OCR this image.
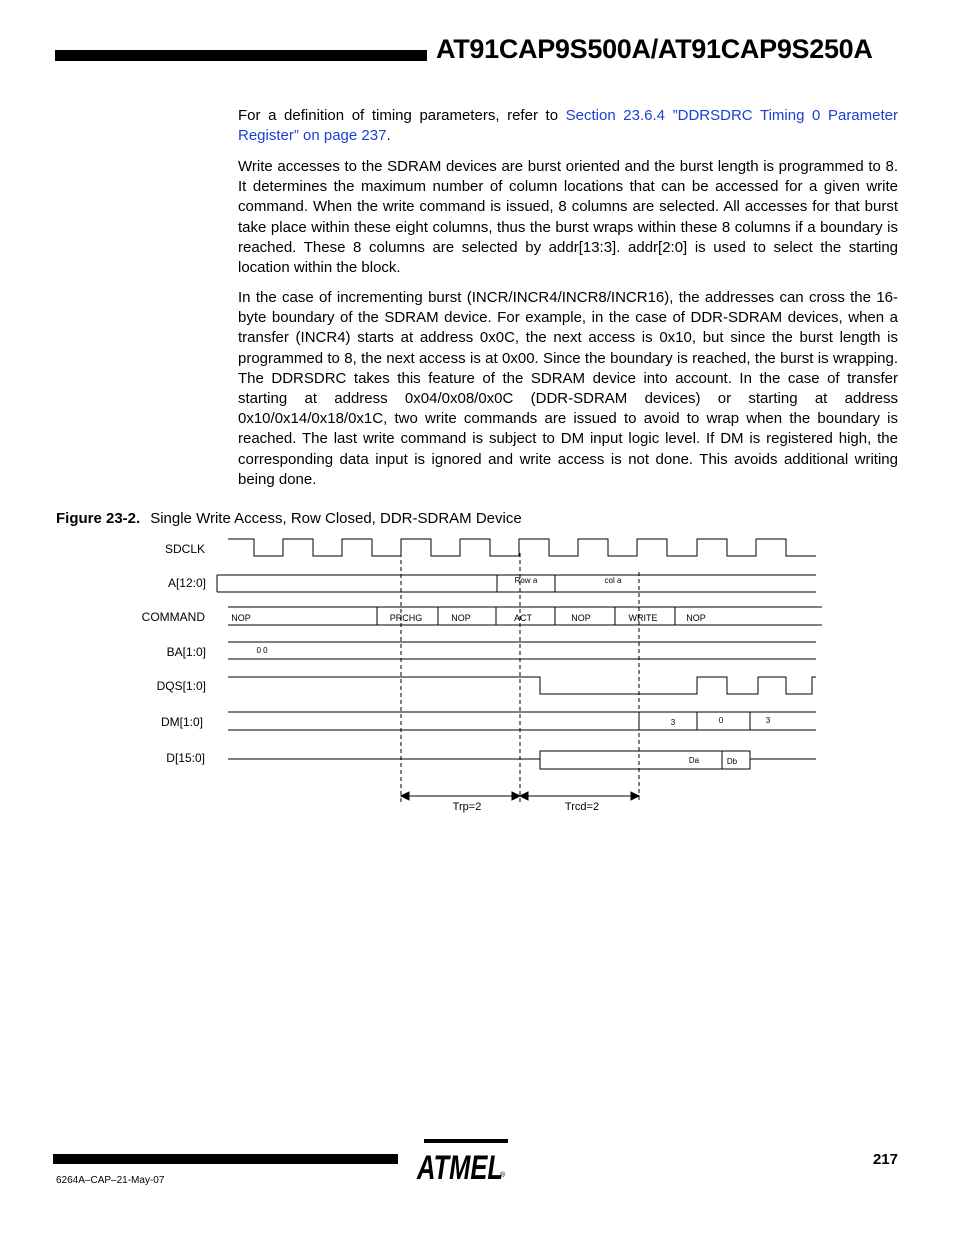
AT91CAP9S500A/AT91CAP9S250A

For a definition of timing parameters, refer to Section 23.6.4 ”DDRSDRC Timing 0 Parameter Register” on page 237.

Write accesses to the SDRAM devices are burst oriented and the burst length is programmed to 8. It determines the maximum number of column locations that can be accessed for a given write command. When the write command is issued, 8 columns are selected. All accesses for that burst take place within these eight columns, thus the burst wraps within these 8 columns if a boundary is reached. These 8 columns are selected by addr[13:3]. addr[2:0] is used to select the starting location within the block.

In the case of incrementing burst (INCR/INCR4/INCR8/INCR16), the addresses can cross the 16-byte boundary of the SDRAM device. For example, in the case of DDR-SDRAM devices, when a transfer (INCR4) starts at address 0x0C, the next access is 0x10, but since the burst length is programmed to 8, the next access is at 0x00. Since the boundary is reached, the burst is wrapping. The DDRSDRC takes this feature of the SDRAM device into account. In the case of transfer starting at address 0x04/0x08/0x0C (DDR-SDRAM devices) or starting at address 0x10/0x14/0x18/0x1C, two write commands are issued to avoid to wrap when the boundary is reached. The last write command is subject to DM input logic level. If DM is registered high, the corresponding data input is ignored and write access is not done. This avoids additional writing being done.

Figure 23-2. Single Write Access, Row Closed, DDR-SDRAM Device
SDCLK
A[12:0]
COMMAND
BA[1:0]
DQS[1:0]
DM[1:0]
D[15:0]
Row a	col a
NOP	PRCHG	NOP	ACT	NOP	WRITE	NOP
0 0
3	0	3
Da	Db
Trp=2	Trcd=2
217
6264A–CAP–21-May-07	ATMEL
®
